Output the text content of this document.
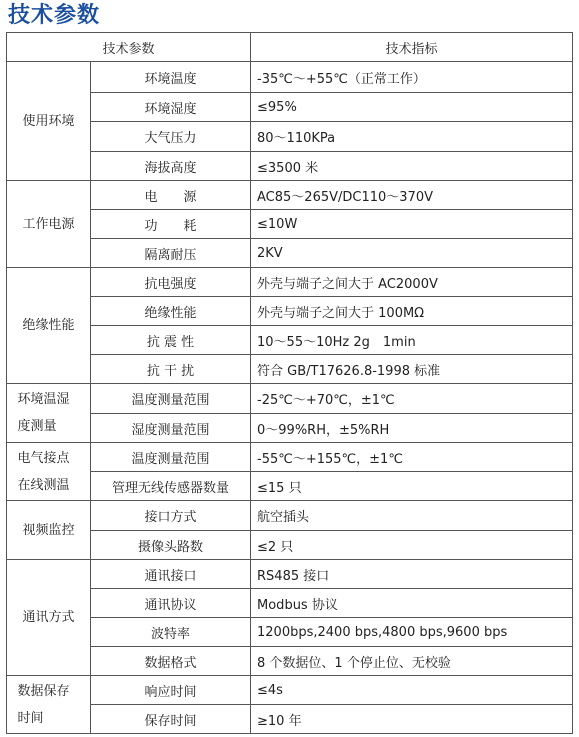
技术参数
技术参数		技术指标

使用环境	环境温度	-35℃～+55℃（正常工作）
	环境湿度	≤95%
	大气压力	80～110KPa
	海拔高度	≤3500 米

工作电源	电　　源	AC85～265V/DC110～370V
	功　　耗	≤10W
	隔离耐压	2KV

绝缘性能	抗电强度	外壳与端子之间大于 AC2000V
	绝缘性能	外壳与端子之间大于 100MΩ
	抗 震 性	10～55～10Hz 2g　1min
	抗 干 扰	符合 GB/T17626.8-1998 标准

环境温湿度测量	温度测量范围	-25℃～+70℃，±1℃
	湿度测量范围	0～99%RH，±5%RH

电气接点在线测温	温度测量范围	-55℃～+155℃，±1℃
	管理无线传感器数量	≤15 只

视频监控	接口方式	航空插头
	摄像头路数	≤2 只

通讯方式	通讯接口	RS485 接口
	通讯协议	Modbus 协议
	波特率	1200bps,2400 bps,4800 bps,9600 bps
	数据格式	8 个数据位、1 个停止位、无校验

数据保存时间	响应时间	≤4s
	保存时间	≥10 年
